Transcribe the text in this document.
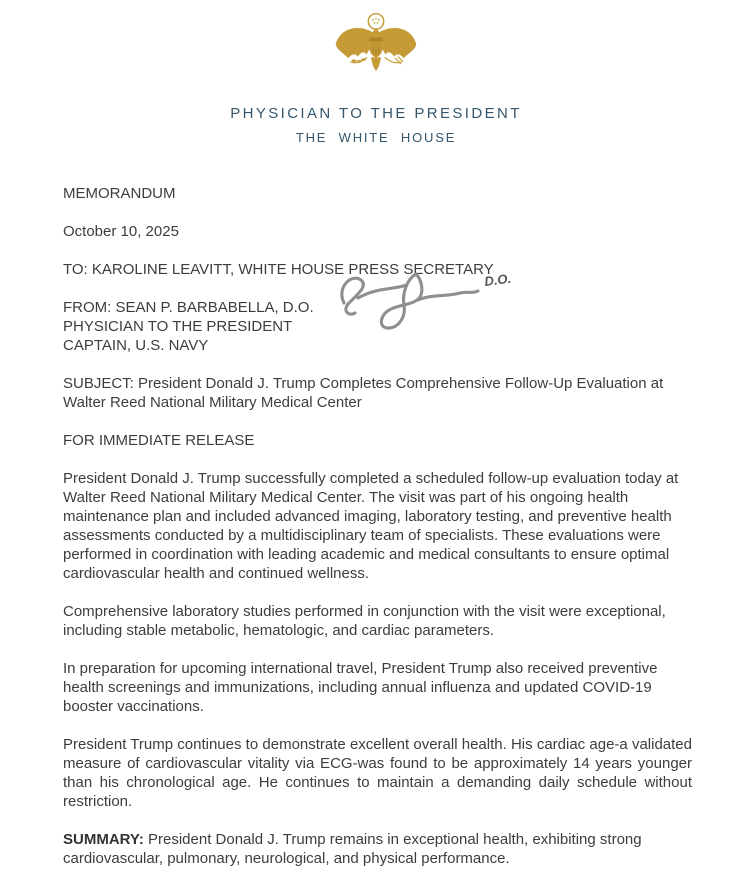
PHYSICIAN TO THE PRESIDENT
THE WHITE HOUSE
MEMORANDUM
October 10, 2025
TO: KAROLINE LEAVITT, WHITE HOUSE PRESS SECRETARY
FROM: SEAN P. BARBABELLA, D.O.
PHYSICIAN TO THE PRESIDENT
CAPTAIN, U.S. NAVY
D.O.
SUBJECT: President Donald J. Trump Completes Comprehensive Follow-Up Evaluation at Walter Reed National Military Medical Center
FOR IMMEDIATE RELEASE
President Donald J. Trump successfully completed a scheduled follow-up evaluation today at Walter Reed National Military Medical Center. The visit was part of his ongoing health maintenance plan and included advanced imaging, laboratory testing, and preventive health assessments conducted by a multidisciplinary team of specialists. These evaluations were performed in coordination with leading academic and medical consultants to ensure optimal cardiovascular health and continued wellness.
Comprehensive laboratory studies performed in conjunction with the visit were exceptional, including stable metabolic, hematologic, and cardiac parameters.
In preparation for upcoming international travel, President Trump also received preventive health screenings and immunizations, including annual influenza and updated COVID-19 booster vaccinations.
President Trump continues to demonstrate excellent overall health. His cardiac age-a validated measure of cardiovascular vitality via ECG-was found to be approximately 14 years younger than his chronological age. He continues to maintain a demanding daily schedule without restriction.
SUMMARY: President Donald J. Trump remains in exceptional health, exhibiting strong cardiovascular, pulmonary, neurological, and physical performance.
